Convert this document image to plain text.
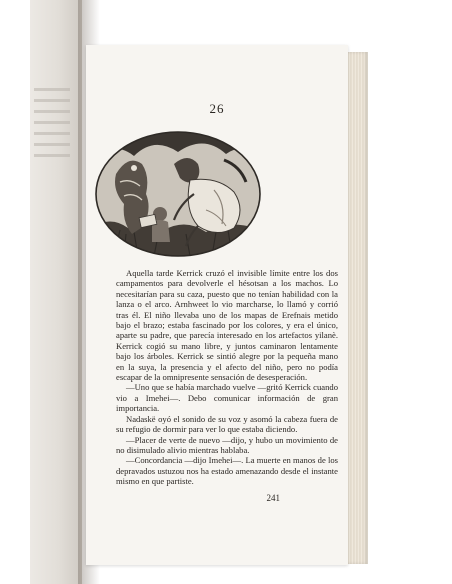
26

Aquella tarde Kerrick cruzó el invisible límite entre los dos campamentos para devolverle el hésotsan a los machos. Lo necesitarían para su caza, puesto que no tenían habilidad con la lanza o el arco. Arnhweet lo vio marcharse, lo llamó y corrió tras él. El niño llevaba uno de los mapas de Erefnais metido bajo el brazo; estaba fascinado por los colores, y era el único, aparte su padre, que parecía interesado en los artefactos yilanè. Kerrick cogió su mano libre, y juntos caminaron lentamente bajo los árboles. Kerrick se sintió alegre por la pequeña mano en la suya, la presencia y el afecto del niño, pero no podía escapar de la omnipresente sensación de desesperación.

—Uno que se había marchado vuelve —gritó Kerrick cuando vio a Imehei—. Debo comunicar información de gran importancia.

Nadaskë oyó el sonido de su voz y asomó la cabeza fuera de su refugio de dormir para ver lo que estaba diciendo.

—Placer de verte de nuevo —dijo, y hubo un movimiento de no disimulado alivio mientras hablaba.

—Concordancia —dijo Imehei—. La muerte en manos de los depravados ustuzou nos ha estado amenazando desde el instante mismo en que partiste.

241
